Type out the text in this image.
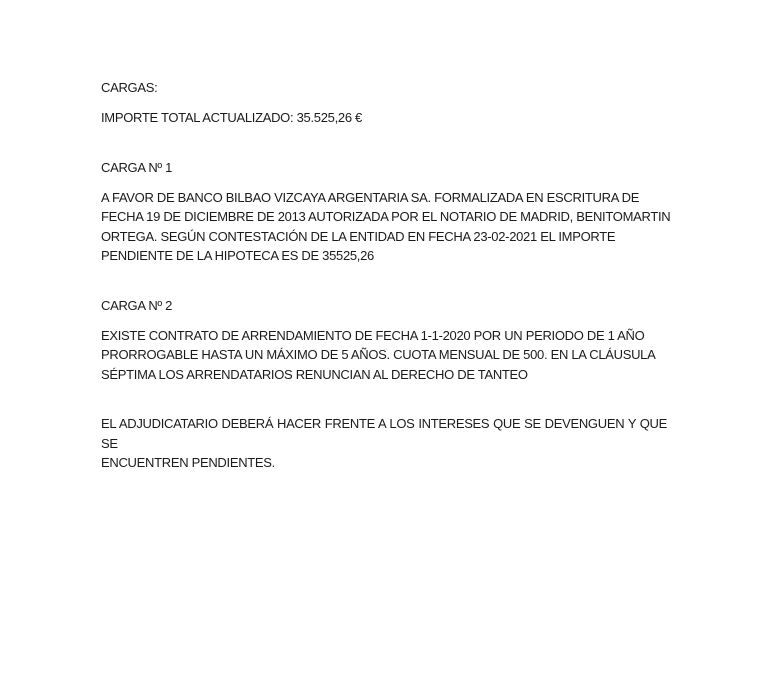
CARGAS:
IMPORTE TOTAL ACTUALIZADO: 35.525,26 €
CARGA Nº 1
A FAVOR DE BANCO BILBAO VIZCAYA ARGENTARIA SA. FORMALIZADA EN ESCRITURA DE
FECHA 19 DE DICIEMBRE DE 2013 AUTORIZADA POR EL NOTARIO DE MADRID, BENITOMARTIN
ORTEGA. SEGÚN CONTESTACIÓN DE LA ENTIDAD EN FECHA 23-02-2021 EL IMPORTE
PENDIENTE DE LA HIPOTECA ES DE 35525,26
CARGA Nº 2
EXISTE CONTRATO DE ARRENDAMIENTO DE FECHA 1-1-2020 POR UN PERIODO DE 1 AÑO
PRORROGABLE HASTA UN MÁXIMO DE 5 AÑOS. CUOTA MENSUAL DE 500. EN LA CLÁUSULA
SÉPTIMA LOS ARRENDATARIOS RENUNCIAN AL DERECHO DE TANTEO
EL ADJUDICATARIO DEBERÁ HACER FRENTE A LOS INTERESES QUE SE DEVENGUEN Y QUE SE
ENCUENTREN PENDIENTES.
